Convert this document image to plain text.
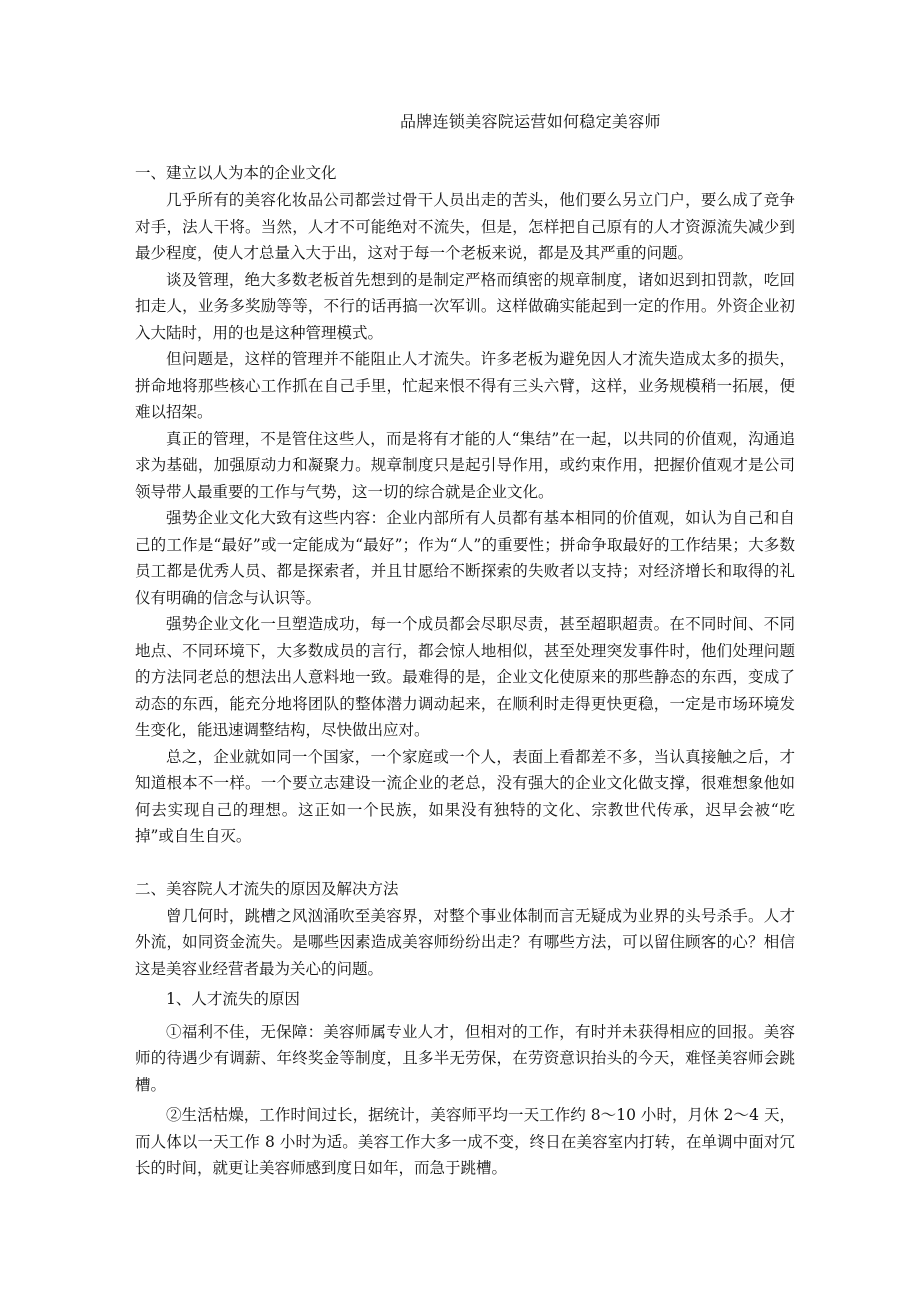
品牌连锁美容院运营如何稳定美容师

一、建立以人为本的企业文化

几乎所有的美容化妆品公司都尝过骨干人员出走的苦头，他们要么另立门户，要么成了竞争对手，法人干将。当然，人才不可能绝对不流失，但是，怎样把自己原有的人才资源流失减少到最少程度，使人才总量入大于出，这对于每一个老板来说，都是及其严重的问题。

谈及管理，绝大多数老板首先想到的是制定严格而缜密的规章制度，诸如迟到扣罚款，吃回扣走人，业务多奖励等等，不行的话再搞一次军训。这样做确实能起到一定的作用。外资企业初入大陆时，用的也是这种管理模式。

但问题是，这样的管理并不能阻止人才流失。许多老板为避免因人才流失造成太多的损失，拼命地将那些核心工作抓在自己手里，忙起来恨不得有三头六臂，这样，业务规模稍一拓展，便难以招架。

真正的管理，不是管住这些人，而是将有才能的人“集结”在一起，以共同的价值观，沟通追求为基础，加强原动力和凝聚力。规章制度只是起引导作用，或约束作用，把握价值观才是公司领导带人最重要的工作与气势，这一切的综合就是企业文化。

强势企业文化大致有这些内容：企业内部所有人员都有基本相同的价值观，如认为自己和自己的工作是“最好”或一定能成为“最好”；作为“人”的重要性；拼命争取最好的工作结果；大多数员工都是优秀人员、都是探索者，并且甘愿给不断探索的失败者以支持；对经济增长和取得的礼仪有明确的信念与认识等。

强势企业文化一旦塑造成功，每一个成员都会尽职尽责，甚至超职超责。在不同时间、不同地点、不同环境下，大多数成员的言行，都会惊人地相似，甚至处理突发事件时，他们处理问题的方法同老总的想法出人意料地一致。最难得的是，企业文化使原来的那些静态的东西，变成了动态的东西，能充分地将团队的整体潜力调动起来，在顺利时走得更快更稳，一定是市场环境发生变化，能迅速调整结构，尽快做出应对。

总之，企业就如同一个国家，一个家庭或一个人，表面上看都差不多，当认真接触之后，才知道根本不一样。一个要立志建设一流企业的老总，没有强大的企业文化做支撑，很难想象他如何去实现自己的理想。这正如一个民族，如果没有独特的文化、宗教世代传承，迟早会被“吃掉”或自生自灭。

二、美容院人才流失的原因及解决方法

曾几何时，跳槽之风汹涌吹至美容界，对整个事业体制而言无疑成为业界的头号杀手。人才外流，如同资金流失。是哪些因素造成美容师纷纷出走？有哪些方法，可以留住顾客的心？相信这是美容业经营者最为关心的问题。

1、人才流失的原因

①福利不佳，无保障：美容师属专业人才，但相对的工作，有时并未获得相应的回报。美容师的待遇少有调薪、年终奖金等制度，且多半无劳保，在劳资意识抬头的今天，难怪美容师会跳槽。

②生活枯燥，工作时间过长，据统计，美容师平均一天工作约 8～10 小时，月休 2～4 天，而人体以一天工作 8 小时为适。美容工作大多一成不变，终日在美容室内打转，在单调中面对冗长的时间，就更让美容师感到度日如年，而急于跳槽。
